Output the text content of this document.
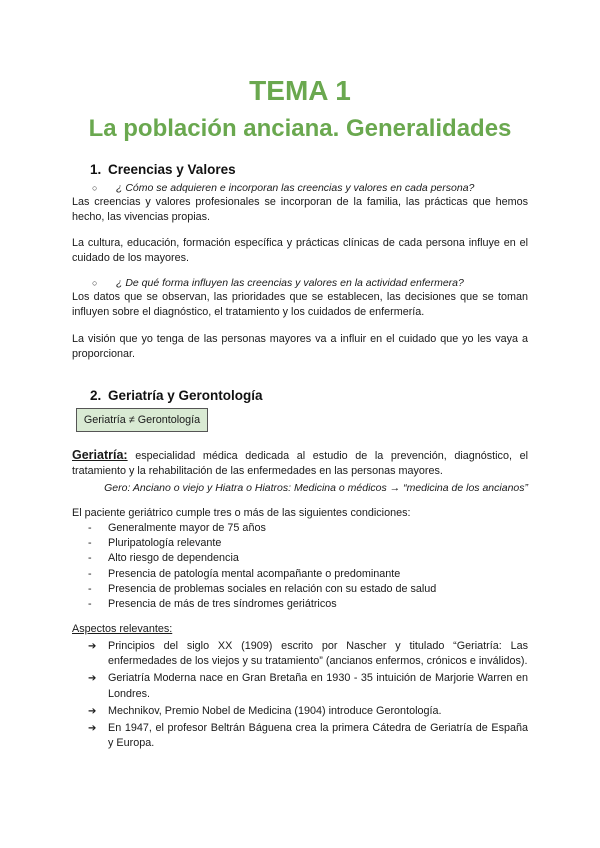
TEMA 1
La población anciana. Generalidades
1. Creencias y Valores
○ ¿ Cómo se adquieren e incorporan las creencias y valores en cada persona?
Las creencias y valores profesionales se incorporan de la familia, las prácticas que hemos hecho, las vivencias propias.
La cultura, educación, formación específica y prácticas clínicas de cada persona influye en el cuidado de los mayores.
○ ¿ De qué forma influyen las creencias y valores en la actividad enfermera?
Los datos que se observan, las prioridades que se establecen, las decisiones que se toman influyen sobre el diagnóstico, el tratamiento y los cuidados de enfermería.
La visión que yo tenga de las personas mayores va a influir en el cuidado que yo les vaya a proporcionar.
2. Geriatría y Gerontología
Geriatría ≠ Gerontología
Geriatría: especialidad médica dedicada al estudio de la prevención, diagnóstico, el tratamiento y la rehabilitación de las enfermedades en las personas mayores.
Gero: Anciano o viejo y Hiatra o Hiatros: Medicina o médicos → “medicina de los ancianos”
El paciente geriátrico cumple tres o más de las siguientes condiciones:
-	Generalmente mayor de 75 años
-	Pluripatología relevante
-	Alto riesgo de dependencia
-	Presencia de patología mental acompañante o predominante
-	Presencia de problemas sociales en relación con su estado de salud
-	Presencia de más de tres síndromes geriátricos
Aspectos relevantes:
➔	Principios del siglo XX (1909) escrito por Nascher y titulado “Geriatría: Las enfermedades de los viejos y su tratamiento” (ancianos enfermos, crónicos e inválidos).
➔	Geriatría Moderna nace en Gran Bretaña en 1930 - 35 intuición de Marjorie Warren en Londres.
➔	Mechnikov, Premio Nobel de Medicina (1904) introduce Gerontología.
➔	En 1947, el profesor Beltrán Báguena crea la primera Cátedra de Geriatría de España y Europa.
